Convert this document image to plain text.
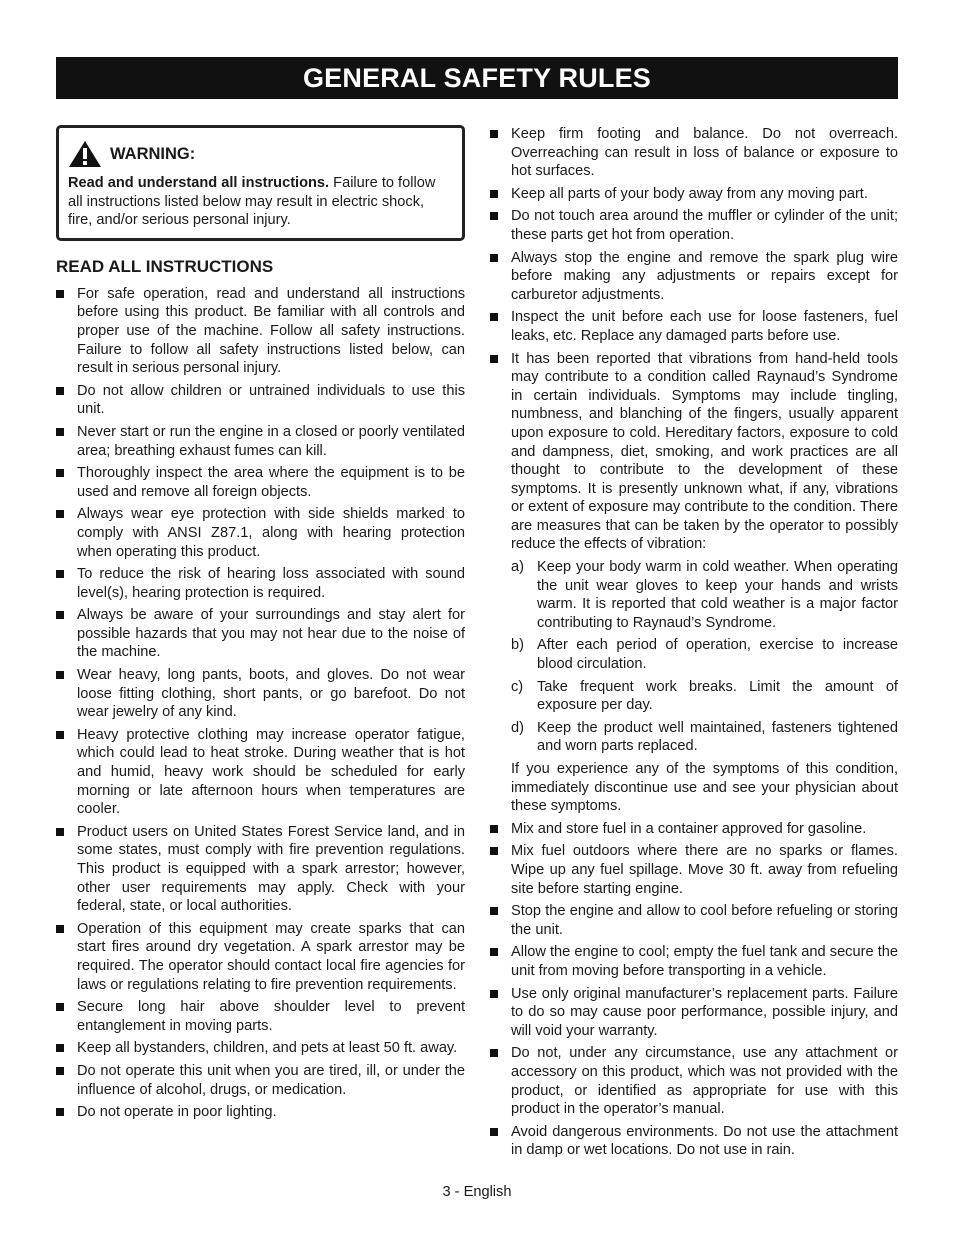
GENERAL SAFETY RULES
WARNING:
Read and understand all instructions. Failure to follow all instructions listed below may result in electric shock, fire, and/or serious personal injury.
READ ALL INSTRUCTIONS
For safe operation, read and understand all instructions before using this product. Be familiar with all controls and proper use of the machine. Follow all safety instructions. Failure to follow all safety instructions listed below, can result in serious personal injury.
Do not allow children or untrained individuals to use this unit.
Never start or run the engine in a closed or poorly ventilated area; breathing exhaust fumes can kill.
Thoroughly inspect the area where the equipment is to be used and remove all foreign objects.
Always wear eye protection with side shields marked to comply with ANSI Z87.1, along with hearing protection when operating this product.
To reduce the risk of hearing loss associated with sound level(s), hearing protection is required.
Always be aware of your surroundings and stay alert for possible hazards that you may not hear due to the noise of the machine.
Wear heavy, long pants, boots, and gloves. Do not wear loose fitting clothing, short pants, or go barefoot. Do not wear jewelry of any kind.
Heavy protective clothing may increase operator fatigue, which could lead to heat stroke. During weather that is hot and humid, heavy work should be scheduled for early morning or late afternoon hours when temperatures are cooler.
Product users on United States Forest Service land, and in some states, must comply with fire prevention regulations. This product is equipped with a spark arrestor; however, other user requirements may apply. Check with your federal, state, or local authorities.
Operation of this equipment may create sparks that can start fires around dry vegetation. A spark arrestor may be required. The operator should contact local fire agencies for laws or regulations relating to fire prevention requirements.
Secure long hair above shoulder level to prevent entanglement in moving parts.
Keep all bystanders, children, and pets at least 50 ft. away.
Do not operate this unit when you are tired, ill, or under the influence of alcohol, drugs, or medication.
Do not operate in poor lighting.
Keep firm footing and balance. Do not overreach. Overreaching can result in loss of balance or exposure to hot surfaces.
Keep all parts of your body away from any moving part.
Do not touch area around the muffler or cylinder of the unit; these parts get hot from operation.
Always stop the engine and remove the spark plug wire before making any adjustments or repairs except for carburetor adjustments.
Inspect the unit before each use for loose fasteners, fuel leaks, etc. Replace any damaged parts before use.
It has been reported that vibrations from hand-held tools may contribute to a condition called Raynaud’s Syndrome in certain individuals. Symptoms may include tingling, numbness, and blanching of the fingers, usually apparent upon exposure to cold. Hereditary factors, exposure to cold and dampness, diet, smoking, and work practices are all thought to contribute to the development of these symptoms. It is presently unknown what, if any, vibrations or extent of exposure may contribute to the condition. There are measures that can be taken by the operator to possibly reduce the effects of vibration:
a) Keep your body warm in cold weather. When operating the unit wear gloves to keep your hands and wrists warm. It is reported that cold weather is a major factor contributing to Raynaud’s Syndrome.
b) After each period of operation, exercise to increase blood circulation.
c) Take frequent work breaks. Limit the amount of exposure per day.
d) Keep the product well maintained, fasteners tightened and worn parts replaced.
If you experience any of the symptoms of this condition, immediately discontinue use and see your physician about these symptoms.
Mix and store fuel in a container approved for gasoline.
Mix fuel outdoors where there are no sparks or flames. Wipe up any fuel spillage. Move 30 ft. away from refueling site before starting engine.
Stop the engine and allow to cool before refueling or storing the unit.
Allow the engine to cool; empty the fuel tank and secure the unit from moving before transporting in a vehicle.
Use only original manufacturer’s replacement parts. Failure to do so may cause poor performance, possible injury, and will void your warranty.
Do not, under any circumstance, use any attachment or accessory on this product, which was not provided with the product, or identified as appropriate for use with this product in the operator’s manual.
Avoid dangerous environments. Do not use the attachment in damp or wet locations. Do not use in rain.
3 - English
